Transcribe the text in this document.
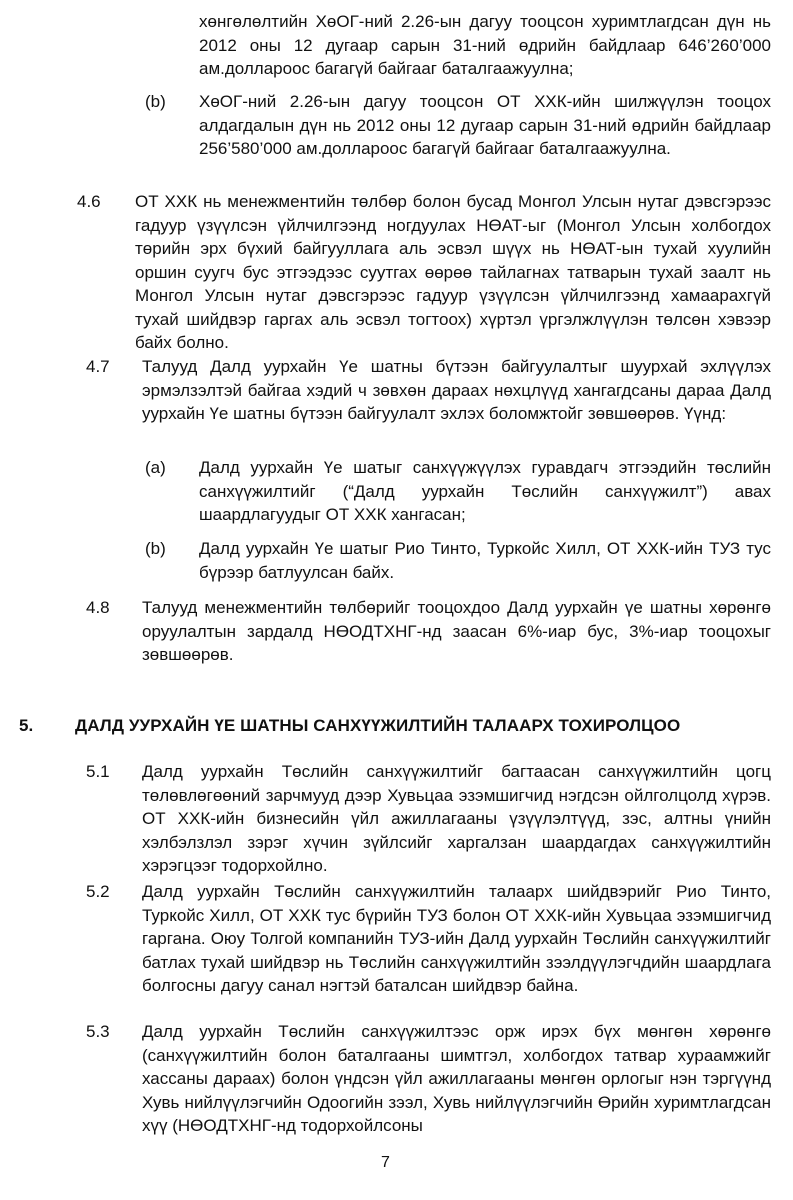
хөнгөлөлтийн ХөОГ-ний 2.26-ын дагуу тооцсон хуримтлагдсан дүн нь 2012 оны 12 дугаар сарын 31-ний өдрийн байдлаар 646’260’000 ам.доллароос багагүй байгааг баталгаажуулна;

(b) ХөОГ-ний 2.26-ын дагуу тооцсон ОТ ХХК-ийн шилжүүлэн тооцох алдагдалын дүн нь 2012 оны 12 дугаар сарын 31-ний өдрийн байдлаар 256’580’000 ам.доллароос багагүй байгааг баталгаажуулна.

4.6 ОТ ХХК нь менежментийн төлбөр болон бусад Монгол Улсын нутаг дэвсгэрээс гадуур үзүүлсэн үйлчилгээнд ногдуулах НӨАТ-ыг (Монгол Улсын холбогдох төрийн эрх бүхий байгууллага аль эсвэл шүүх нь НӨАТ-ын тухай хуулийн оршин суугч бус этгээдээс суутгах өөрөө тайлагнах татварын тухай заалт нь Монгол Улсын нутаг дэвсгэрээс гадуур үзүүлсэн үйлчилгээнд хамаарахгүй тухай шийдвэр гаргах аль эсвэл тогтоох) хүртэл үргэлжлүүлэн төлсөн хэвээр байх болно.

4.7 Талууд Далд уурхайн Үе шатны бүтээн байгуулалтыг шуурхай эхлүүлэх эрмэлзэлтэй байгаа хэдий ч зөвхөн дараах нөхцлүүд хангагдсаны дараа Далд уурхайн Үе шатны бүтээн байгуулалт эхлэх боломжтойг зөвшөөрөв. Үүнд:

(a) Далд уурхайн Үе шатыг санхүүжүүлэх гуравдагч этгээдийн төслийн санхүүжилтийг (“Далд уурхайн Төслийн санхүүжилт”) авах шаардлагуудыг ОТ ХХК хангасан;

(b) Далд уурхайн Үе шатыг Рио Тинто, Туркойс Хилл, ОТ ХХК-ийн ТУЗ тус бүрээр батлуулсан байх.

4.8 Талууд менежментийн төлбөрийг тооцохдоо Далд уурхайн үе шатны хөрөнгө оруулалтын зардалд НӨОДТХНГ-нд заасан 6%-иар бус, 3%-иар тооцохыг зөвшөөрөв.

5. ДАЛД УУРХАЙН ҮЕ ШАТНЫ САНХҮҮЖИЛТИЙН ТАЛААРХ ТОХИРОЛЦОО
5.1 Далд уурхайн Төслийн санхүүжилтийг багтаасан санхүүжилтийн цогц төлөвлөгөөний зарчмууд дээр Хувьцаа эзэмшигчид нэгдсэн ойлголцолд хүрэв. ОТ ХХК-ийн бизнесийн үйл ажиллагааны үзүүлэлтүүд, зэс, алтны үнийн хэлбэлзлэл зэрэг хүчин зүйлсийг харгалзан шаардагдах санхүүжилтийн хэрэгцээг тодорхойлно.

5.2 Далд уурхайн Төслийн санхүүжилтийн талаарх шийдвэрийг Рио Тинто, Туркойс Хилл, ОТ ХХК тус бүрийн ТУЗ болон ОТ ХХК-ийн Хувьцаа эзэмшигчид гаргана. Оюу Толгой компанийн ТУЗ-ийн Далд уурхайн Төслийн санхүүжилтийг батлах тухай шийдвэр нь Төслийн санхүүжилтийн зээлдүүлэгчдийн шаардлага болгосны дагуу санал нэгтэй баталсан шийдвэр байна.

5.3 Далд уурхайн Төслийн санхүүжилтээс орж ирэх бүх мөнгөн хөрөнгө (санхүүжилтийн болон баталгааны шимтгэл, холбогдох татвар хураамжийг хассаны дараах) болон үндсэн үйл ажиллагааны мөнгөн орлогыг нэн тэргүүнд Хувь нийлүүлэгчийн Одоогийн зээл, Хувь нийлүүлэгчийн Өрийн хуримтлагдсан хүү (НӨОДТХНГ-нд тодорхойлсоны

7
